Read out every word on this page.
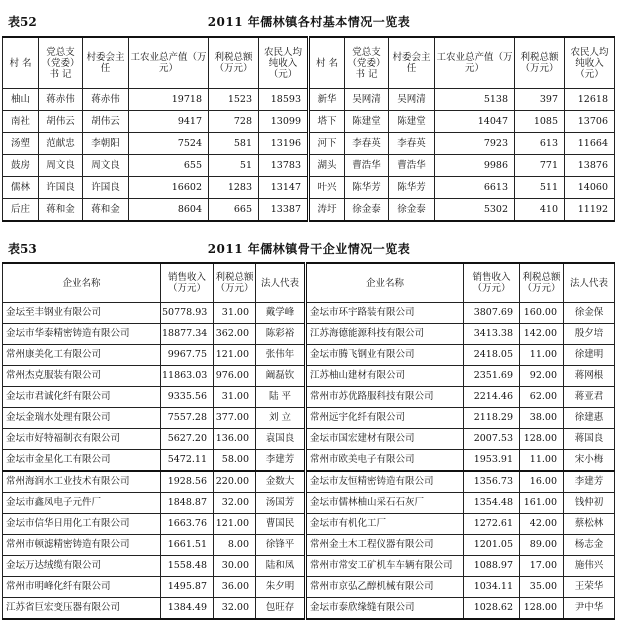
表52	2011 年儒林镇各村基本情况一览表
村 名	党总支（党委）书 记	村委会主 任	工农业总产值（万元）	利税总额（万元）	农民人均纯收入（元）	村 名	党总支（党委）书 记	村委会主 任	工农业总产值（万元）	利税总额（万元）	农民人均纯收入（元）
柚山	蒋赤伟	蒋赤伟	19718	1523	18593	新华	吴网清	吴网清	5138	397	12618
南社	胡伟云	胡伟云	9417	728	13099	塔下	陈建堂	陈建堂	14047	1085	13706
汤塑	范献忠	李朝阳	7524	581	13196	河下	李春英	李春英	7923	613	11664
鼓房	周文良	周文良	655	51	13783	湖头	曹浩华	曹浩华	9986	771	13876
儒林	许国良	许国良	16602	1283	13147	叶兴	陈华芳	陈华芳	6613	511	14060
后庄	蒋和金	蒋和金	8604	665	13387	涛圩	徐金泰	徐金泰	5302	410	11192
表53	2011 年儒林镇骨干企业情况一览表
企业名称	销售收入（万元）	利税总额（万元）	法人代表	企业名称	销售收入（万元）	利税总额（万元）	法人代表
金坛至丰钢业有限公司	50778.93	31.00	戴学峰	金坛市环宇路装有限公司	3807.69	160.00	徐金保
金坛市华泰精密铸造有限公司	18877.34	362.00	陈彩裕	江苏海德能源科技有限公司	3413.38	142.00	殷夕培
常州康美化工有限公司	9967.75	121.00	张伟年	金坛市腾飞钢业有限公司	2418.05	11.00	徐建明
常州杰克服装有限公司	11863.03	976.00	阚磊钦	江苏柚山建材有限公司	2351.69	92.00	蒋网根
金坛市君诚化纤有限公司	9335.56	31.00	陆 平	常州市苏优路服科技有限公司	2214.46	62.00	蒋亚君
金坛金瑞水处理有限公司	7557.28	377.00	刘 立	常州远宇化纤有限公司	2118.29	38.00	徐建惠
金坛市好特福制衣有限公司	5627.20	136.00	袁国良	金坛市国宏建材有限公司	2007.53	128.00	蒋国良
金坛市金星化工有限公司	5472.11	58.00	李建芳	常州市欧美电子有限公司	1953.91	11.00	宋小梅
常州海润水工业技术有限公司	1928.56	220.00	金数大	金坛市友恒精密铸造有限公司	1356.73	16.00	李建芳
金坛市鑫凤电子元件厂	1848.87	32.00	汤国芳	金坛市儒林柚山采石石灰厂	1354.48	161.00	钱仲初
金坛市信华日用化工有限公司	1663.76	121.00	曹国民	金坛市有机化工厂	1272.61	42.00	蔡松林
常州市顿滤精密铸造有限公司	1661.51	8.00	徐锋平	常州金土木工程仪器有限公司	1201.05	89.00	杨志金
金坛万达绒缆有限公司	1558.48	30.00	陆和凤	常州市常安工矿机车车辆有限公司	1088.97	17.00	施伟兴
常州市明峰化纤有限公司	1495.87	36.00	朱夕明	常州市京弘乙醇机械有限公司	1034.11	35.00	王荣华
江苏省巨宏变压器有限公司	1384.49	32.00	包旺存	金坛市泰欣缘缝有限公司	1028.62	128.00	尹中华
